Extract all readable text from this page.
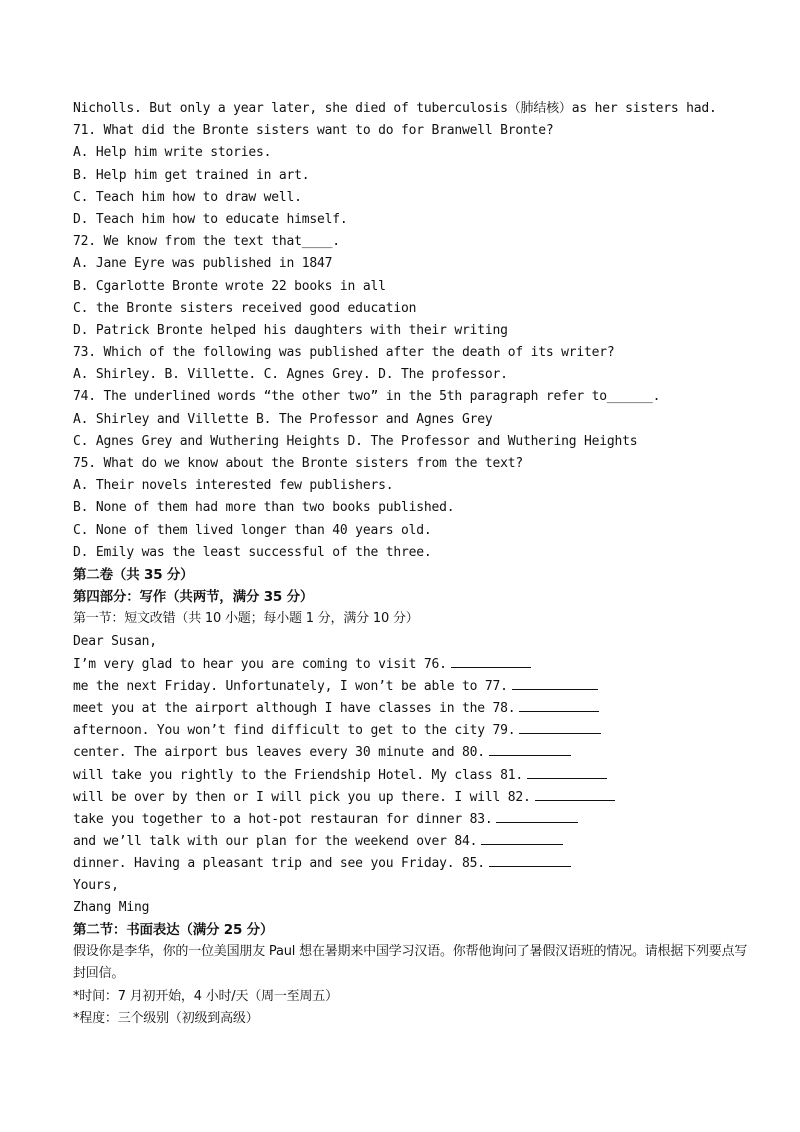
Nicholls. But only a year later, she died of tuberculosis（肺结核）as her sisters had.
71. What did the Bronte sisters want to do for Branwell Bronte?
A. Help him write stories.
B. Help him get trained in art.
C. Teach him how to draw well.
D. Teach him how to educate himself.
72. We know from the text that____.
A. Jane Eyre was published in 1847
B. Cgarlotte Bronte wrote 22 books in all
C. the Bronte sisters received good education
D. Patrick Bronte helped his daughters with their writing
73. Which of the following was published after the death of its writer?
A. Shirley. B. Villette. C. Agnes Grey. D. The professor.
74. The underlined words “the other two” in the 5th paragraph refer to______.
A. Shirley and Villette B. The Professor and Agnes Grey
C. Agnes Grey and Wuthering Heights D. The Professor and Wuthering Heights
75. What do we know about the Bronte sisters from the text?
A. Their novels interested few publishers.
B. None of them had more than two books published.
C. None of them lived longer than 40 years old.
D. Emily was the least successful of the three.
第二卷（共 35 分）
第四部分：写作（共两节，满分 35 分）
第一节：短文改错（共 10 小题；每小题 1 分，满分 10 分）
Dear Susan,
I’m very glad to hear you are coming to visit 76.
me the next Friday. Unfortunately, I won’t be able to 77.
meet you at the airport although I have classes in the 78.
afternoon. You won’t find difficult to get to the city 79.
center. The airport bus leaves every 30 minute and 80.
will take you rightly to the Friendship Hotel. My class 81.
will be over by then or I will pick you up there. I will 82.
take you together to a hot-pot restauran for dinner 83.
and we’ll talk with our plan for the weekend over 84.
dinner. Having a pleasant trip and see you Friday. 85.
Yours,
Zhang Ming
第二节：书面表达（满分 25 分）
假设你是李华，你的一位美国朋友 Paul 想在暑期来中国学习汉语。你帮他询问了暑假汉语班的情况。请根据下列要点写封回信。
*时间：7 月初开始，4 小时/天（周一至周五）
*程度：三个级别（初级到高级）
